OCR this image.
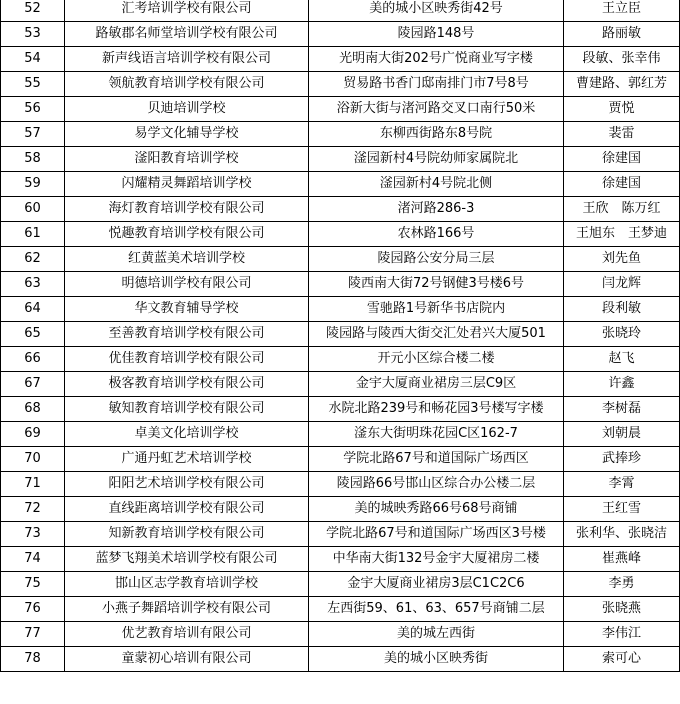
52	汇考培训学校有限公司	美的城小区映秀街42号	王立臣
53	路敏郡名师堂培训学校有限公司	陵园路148号	路丽敏
54	新声线语言培训学校有限公司	光明南大街202号广悦商业写字楼	段敏、张幸伟
55	领航教育培训学校有限公司	贸易路书香门邸南排门市7号8号	曹建路、郭红芳
56	贝迪培训学校	浴新大街与渚河路交叉口南行50米	贾悦
57	易学文化辅导学校	东柳西街路东8号院	裴雷
58	滏阳教育培训学校	滏园新村4号院幼师家属院北	徐建国
59	闪耀精灵舞蹈培训学校	滏园新村4号院北侧	徐建国
60	海灯教育培训学校有限公司	渚河路286-3	王欣　陈万红
61	悦趣教育培训学校有限公司	农林路166号	王旭东　王梦迪
62	红黄蓝美术培训学校	陵园路公安分局三层	刘先鱼
63	明德培训学校有限公司	陵西南大街72号钢健3号楼6号	闫龙辉
64	华文教育辅导学校	雪驰路1号新华书店院内	段利敏
65	至善教育培训学校有限公司	陵园路与陵西大街交汇处君兴大厦501	张晓玲
66	优佳教育培训学校有限公司	开元小区综合楼二楼	赵飞
67	极客教育培训学校有限公司	金宇大厦商业裙房三层C9区	许鑫
68	敏知教育培训学校有限公司	水院北路239号和畅花园3号楼写字楼	李树磊
69	卓美文化培训学校	滏东大街明珠花园C区162-7	刘朝晨
70	广通丹虹艺术培训学校	学院北路67号和道国际广场西区	武捧珍
71	阳阳艺术培训学校有限公司	陵园路66号邯山区综合办公楼二层	李霄
72	直线距离培训学校有限公司	美的城映秀路66号68号商铺	王红雪
73	知新教育培训学校有限公司	学院北路67号和道国际广场西区3号楼	张利华、张晓洁
74	蓝梦飞翔美术培训学校有限公司	中华南大街132号金宇大厦裙房二楼	崔燕峰
75	邯山区志学教育培训学校	金宇大厦商业裙房3层C1C2C6	李勇
76	小燕子舞蹈培训学校有限公司	左西街59、61、63、657号商铺二层	张晓燕
77	优艺教育培训有限公司	美的城左西街	李伟江
78	童蒙初心培训有限公司	美的城小区映秀街	索可心
